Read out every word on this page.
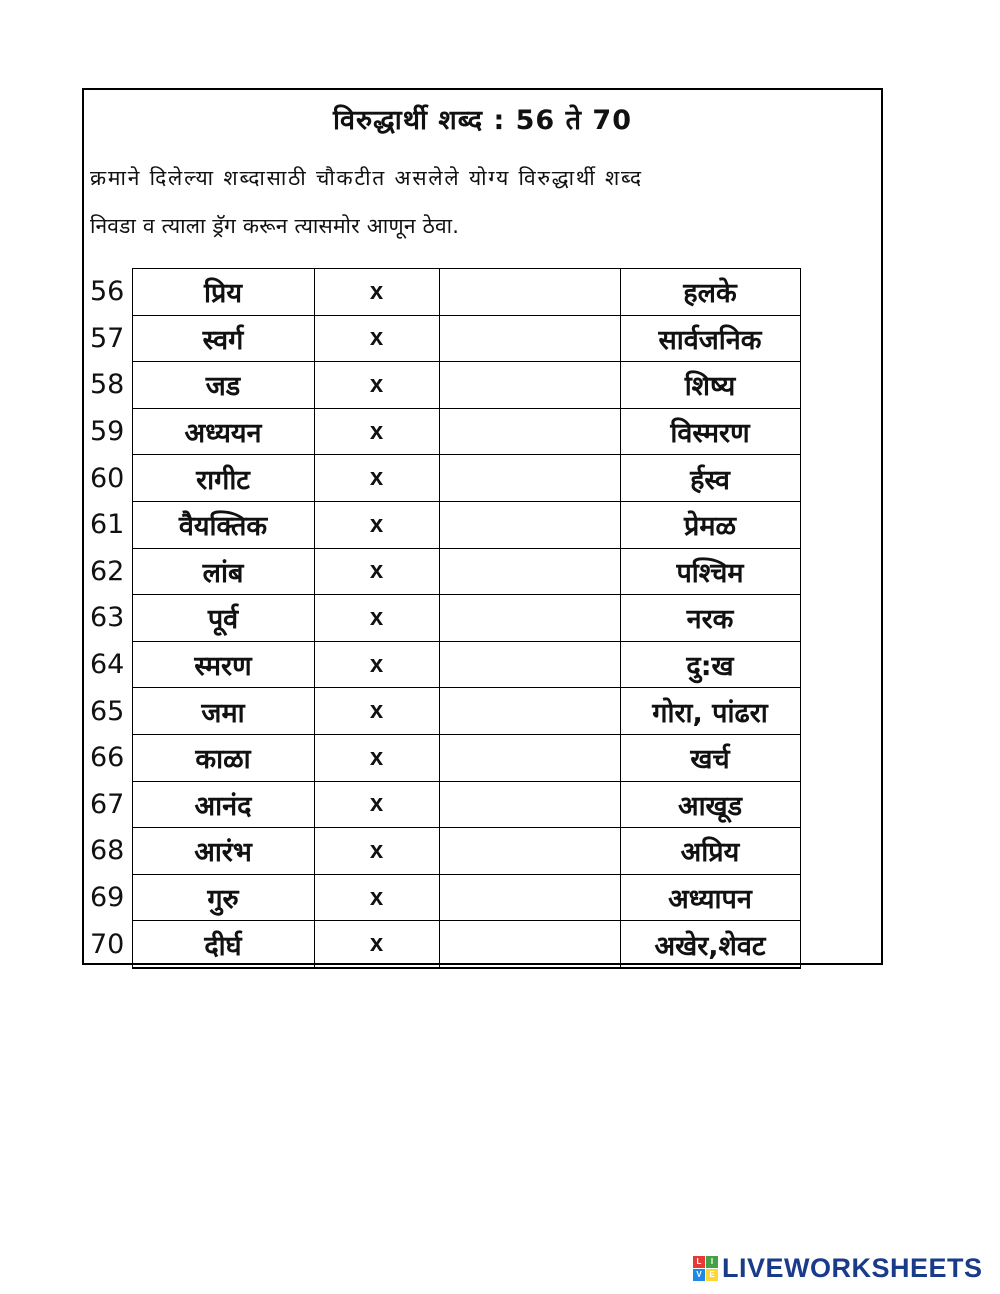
विरुद्धार्थी शब्द : 56 ते 70
क्रमाने दिलेल्या शब्दासाठी चौकटीत असलेले योग्य विरुद्धार्थी शब्द
निवडा व त्याला ड्रॅग करून त्यासमोर आणून ठेवा.
56	प्रिय	x		हलके
57	स्वर्ग	x		सार्वजनिक
58	जड	x		शिष्य
59	अध्ययन	x		विस्मरण
60	रागीट	x		र्हस्व
61	वैयक्तिक	x		प्रेमळ
62	लांब	x		पश्चिम
63	पूर्व	x		नरक
64	स्मरण	x		दु:ख
65	जमा	x		गोरा, पांढरा
66	काळा	x		खर्च
67	आनंद	x		आखूड
68	आरंभ	x		अप्रिय
69	गुरु	x		अध्यापन
70	दीर्घ	x		अखेर,शेवट
L	I
V E LIVEWORKSHEETS
